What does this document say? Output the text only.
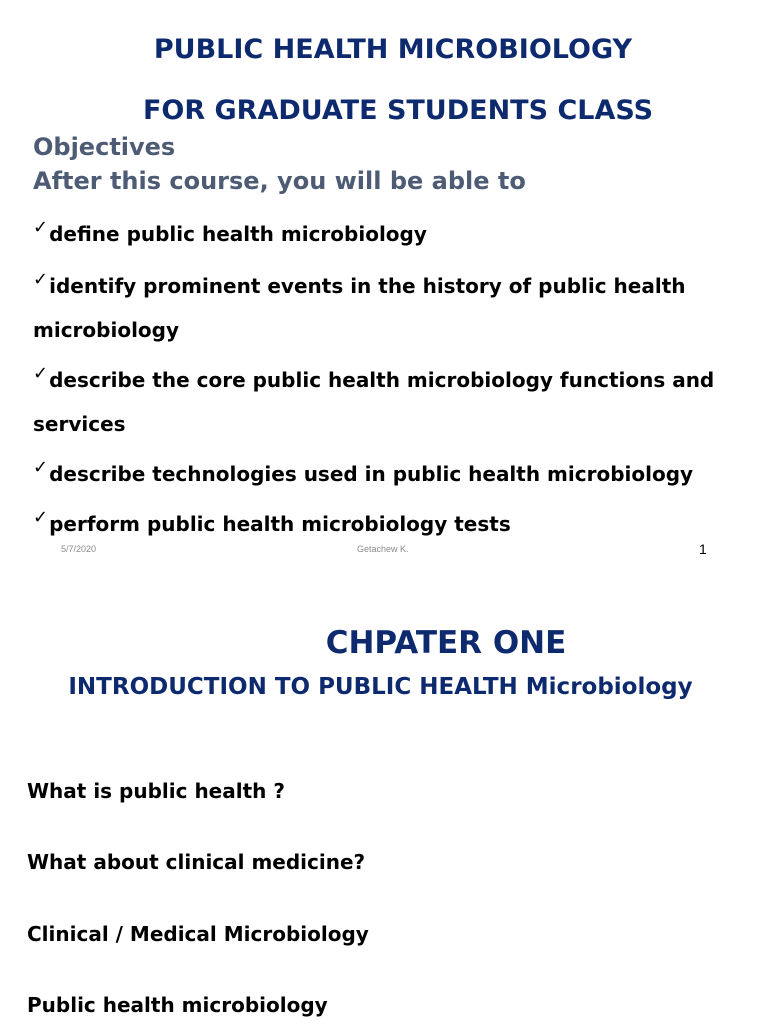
PUBLIC HEALTH MICROBIOLOGY
FOR GRADUATE STUDENTS CLASS
Objectives
After this course, you will be able to
✓define public health microbiology
✓identify prominent events in the history of public health microbiology
✓describe the core public health microbiology functions and services
✓describe technologies used in public health microbiology
✓perform public health microbiology tests
5/7/2020	Getachew K.	1
CHPATER ONE
INTRODUCTION TO PUBLIC HEALTH Microbiology
What is public health ?
What about clinical medicine?
Clinical / Medical Microbiology
Public health microbiology
